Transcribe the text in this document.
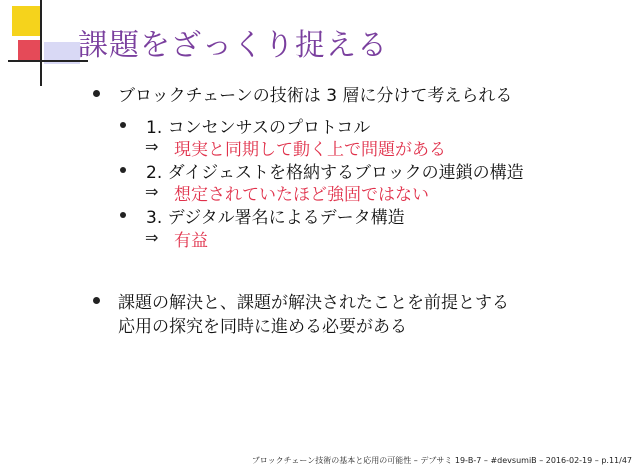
課題をざっくり捉える
ブロックチェーンの技術は 3 層に分けて考えられる
1. コンセンサスのプロトコル
⇒ 現実と同期して動く上で問題がある
2. ダイジェストを格納するブロックの連鎖の構造
⇒ 想定されていたほど強固ではない
3. デジタル署名によるデータ構造
⇒ 有益
課題の解決と、課題が解決されたことを前提とする
応用の探究を同時に進める必要がある
ブロックチェーン技術の基本と応用の可能性 – デブサミ 19-B-7 – #devsumiB – 2016-02-19 – p.11/47
